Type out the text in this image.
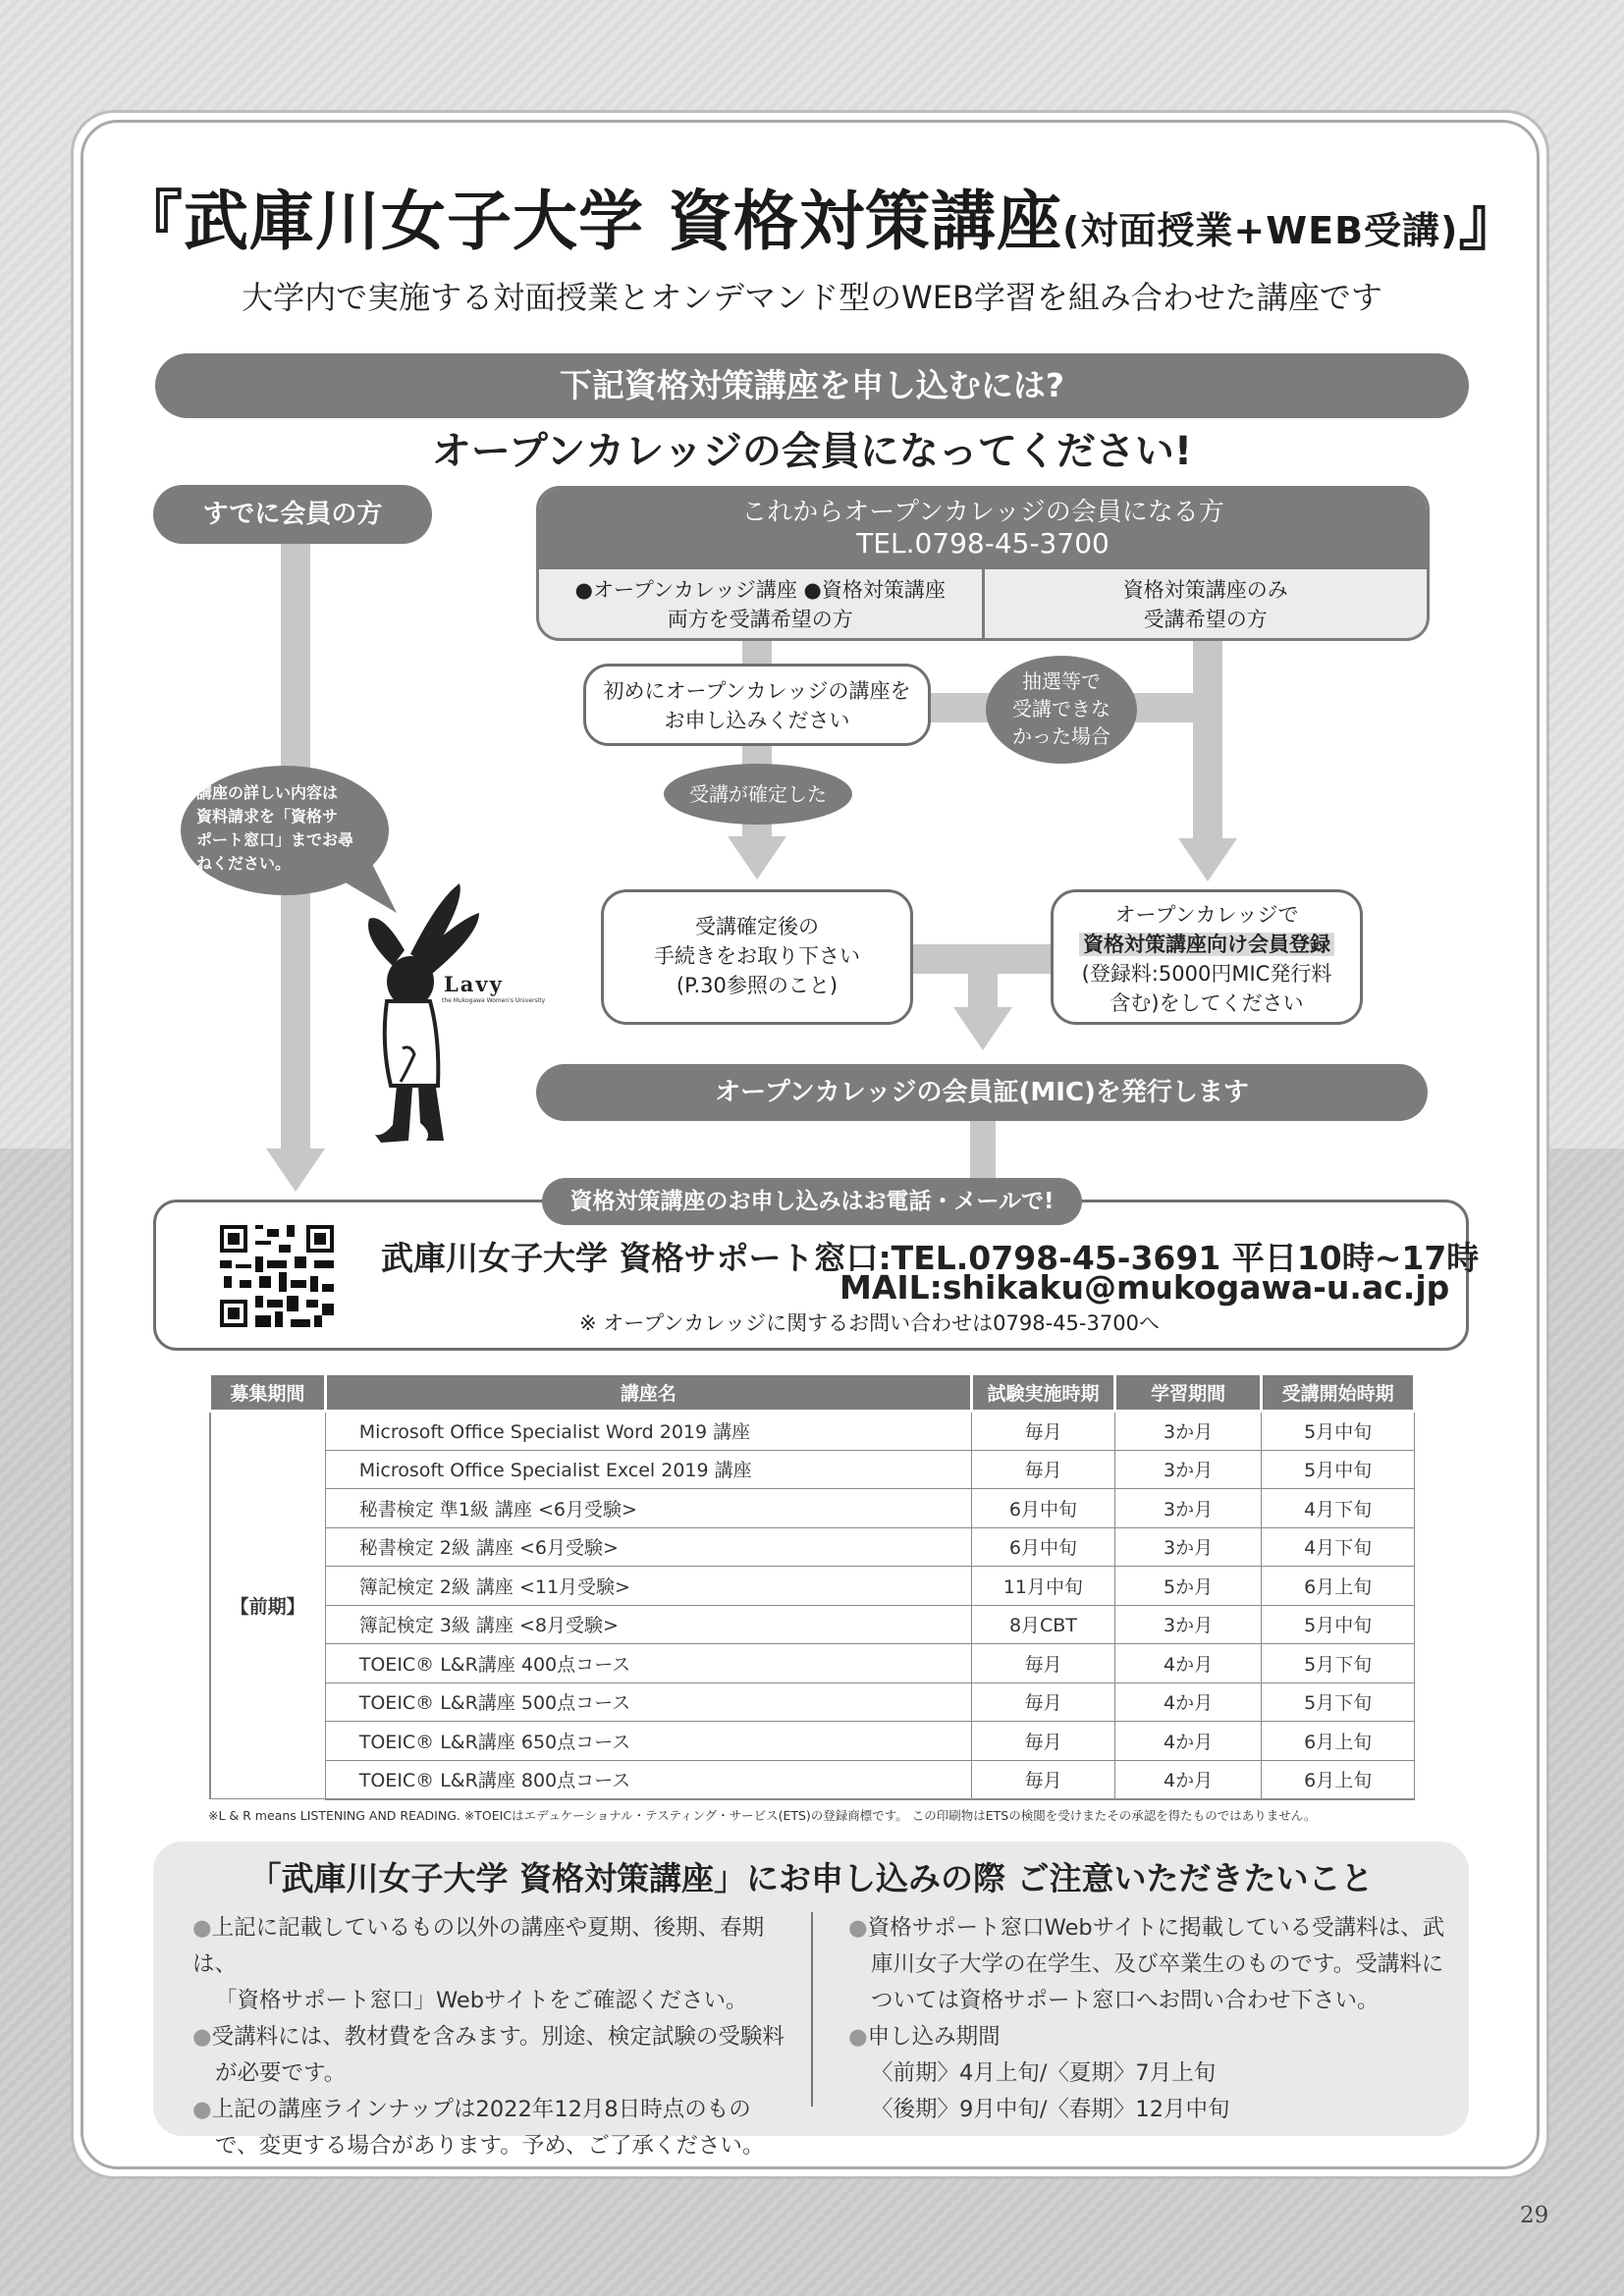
『武庫川女子大学 資格対策講座(対面授業+WEB受講)』
大学内で実施する対面授業とオンデマンド型のWEB学習を組み合わせた講座です
下記資格対策講座を申し込むには?
オープンカレッジの会員になってください!
すでに会員の方	これからオープンカレッジの会員になる方
TEL.0798-45-3700
●オープンカレッジ講座 ●資格対策講座
両方を受講希望の方
資格対策講座のみ
受講希望の方
初めにオープンカレッジの講座を
お申し込みください
抽選等で
受講できな
かった場合
受講が確定した
受講確定後の
手続きをお取り下さい
(P.30参照のこと)
オープンカレッジで
資格対策講座向け会員登録
(登録料:5000円MIC発行料
含む)をしてください
オープンカレッジの会員証(MIC)を発行します
講座の詳しい内容は
資料請求を「資格サ
ポート窓口」までお尋
ねください。
Lavy
the Mukogawa Women's University
資格対策講座のお申し込みはお電話・メールで!
武庫川女子大学 資格サポート窓口:TEL.0798-45-3691 平日10時~17時
MAIL:shikaku@mukogawa-u.ac.jp
※ オープンカレッジに関するお問い合わせは0798-45-3700へ
募集期間	講座名	試験実施時期	学習期間	受講開始時期
【前期】	Microsoft Office Specialist Word 2019 講座	毎月	3か月	5月中旬
	Microsoft Office Specialist Excel 2019 講座	毎月	3か月	5月中旬
	秘書検定 準1級 講座 <6月受験>	6月中旬	3か月	4月下旬
	秘書検定 2級 講座 <6月受験>	6月中旬	3か月	4月下旬
	簿記検定 2級 講座 <11月受験>	11月中旬	5か月	6月上旬
	簿記検定 3級 講座 <8月受験>	8月CBT	3か月	5月中旬
	TOEIC® L&R講座 400点コース	毎月	4か月	5月下旬
	TOEIC® L&R講座 500点コース	毎月	4か月	5月下旬
	TOEIC® L&R講座 650点コース	毎月	4か月	6月上旬
	TOEIC® L&R講座 800点コース	毎月	4か月	6月上旬
※L & R means LISTENING AND READING. ※TOEICはエデュケーショナル・テスティング・サービス(ETS)の登録商標です。 この印刷物はETSの検閲を受けまたその承認を得たものではありません。
「武庫川女子大学 資格対策講座」にお申し込みの際 ご注意いただきたいこと

●上記に記載しているもの以外の講座や夏期、後期、春期は、

「資格サポート窓口」Webサイトをご確認ください。

●受講料には、教材費を含みます。別途、検定試験の受験料

が必要です。

●上記の講座ラインナップは2022年12月8日時点のもの

で、変更する場合があります。予め、ご了承ください。

●資格サポート窓口Webサイトに掲載している受講料は、武

庫川女子大学の在学生、及び卒業生のものです。受講料に

ついては資格サポート窓口へお問い合わせ下さい。

●申し込み期間

〈前期〉4月上旬/〈夏期〉7月上旬

〈後期〉9月中旬/〈春期〉12月中旬

29
